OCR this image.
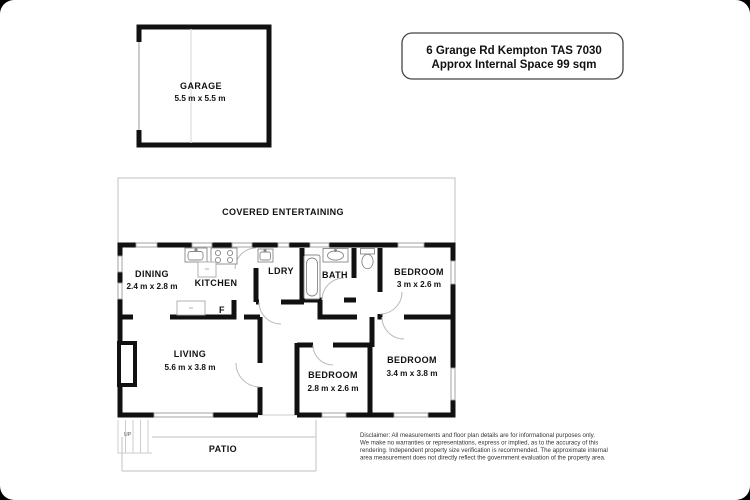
GARAGE
5.5 m x 5.5 m
6 Grange Rd Kempton TAS 7030
Approx Internal Space 99 sqm
COVERED ENTERTAINING
UP
PATIO
DINING
2.4 m x 2.8 m KITCHEN
F
LDRY	BATH	BEDROOM
3 m x 2.6 m
LIVING
5.6 m x 3.8 m
BEDROOM
2.8 m x 2.6 m
BEDROOM
3.4 m x 3.8 m
Disclaimer: All measurements and floor plan details are for informational purposes only.
We make no warranties or representations, express or implied, as to the accuracy of this
rendering. Independent property size verification is recommended. The approximate internal
area measurement does not directly reflect the government evaluation of the property area.
